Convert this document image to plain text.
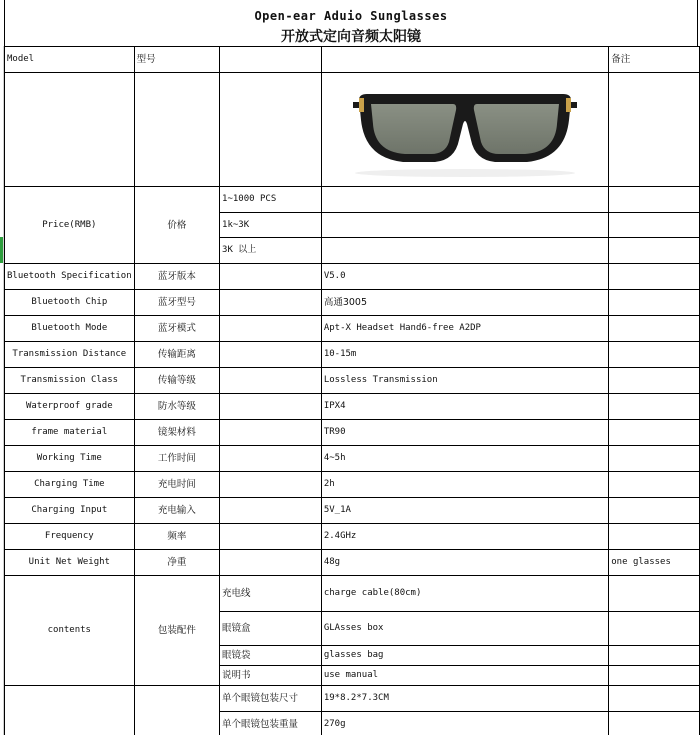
Open-ear Aduio Sunglasses
开放式定向音频太阳镜
Model	型号			备注

Price(RMB)	价格	1~1000 PCS		
		1k~3K		
		3K 以上		
Bluetooth Specification	蓝牙版本		V5.0	
Bluetooth Chip	蓝牙型号		高通3005	
Bluetooth Mode	蓝牙模式		Apt-X Headset Hand6-free A2DP	
Transmission Distance	传输距离		10-15m	
Transmission Class	传输等级		Lossless Transmission	
Waterproof grade	防水等级		IPX4	
frame material	镜架材料		TR90	
Working Time	工作时间		4~5h	
Charging Time	充电时间		2h	
Charging Input	充电输入		5V_1A	
Frequency	频率		2.4GHz	
Unit Net Weight	净重		48g	one glasses
contents	包装配件	充电线	charge cable(80cm)	
		眼镜盒	GLAsses box	
		眼镜袋	glasses bag	
		说明书	use manual	
		单个眼镜包装尺寸	19*8.2*7.3CM	
		单个眼镜包装重量	270g	
